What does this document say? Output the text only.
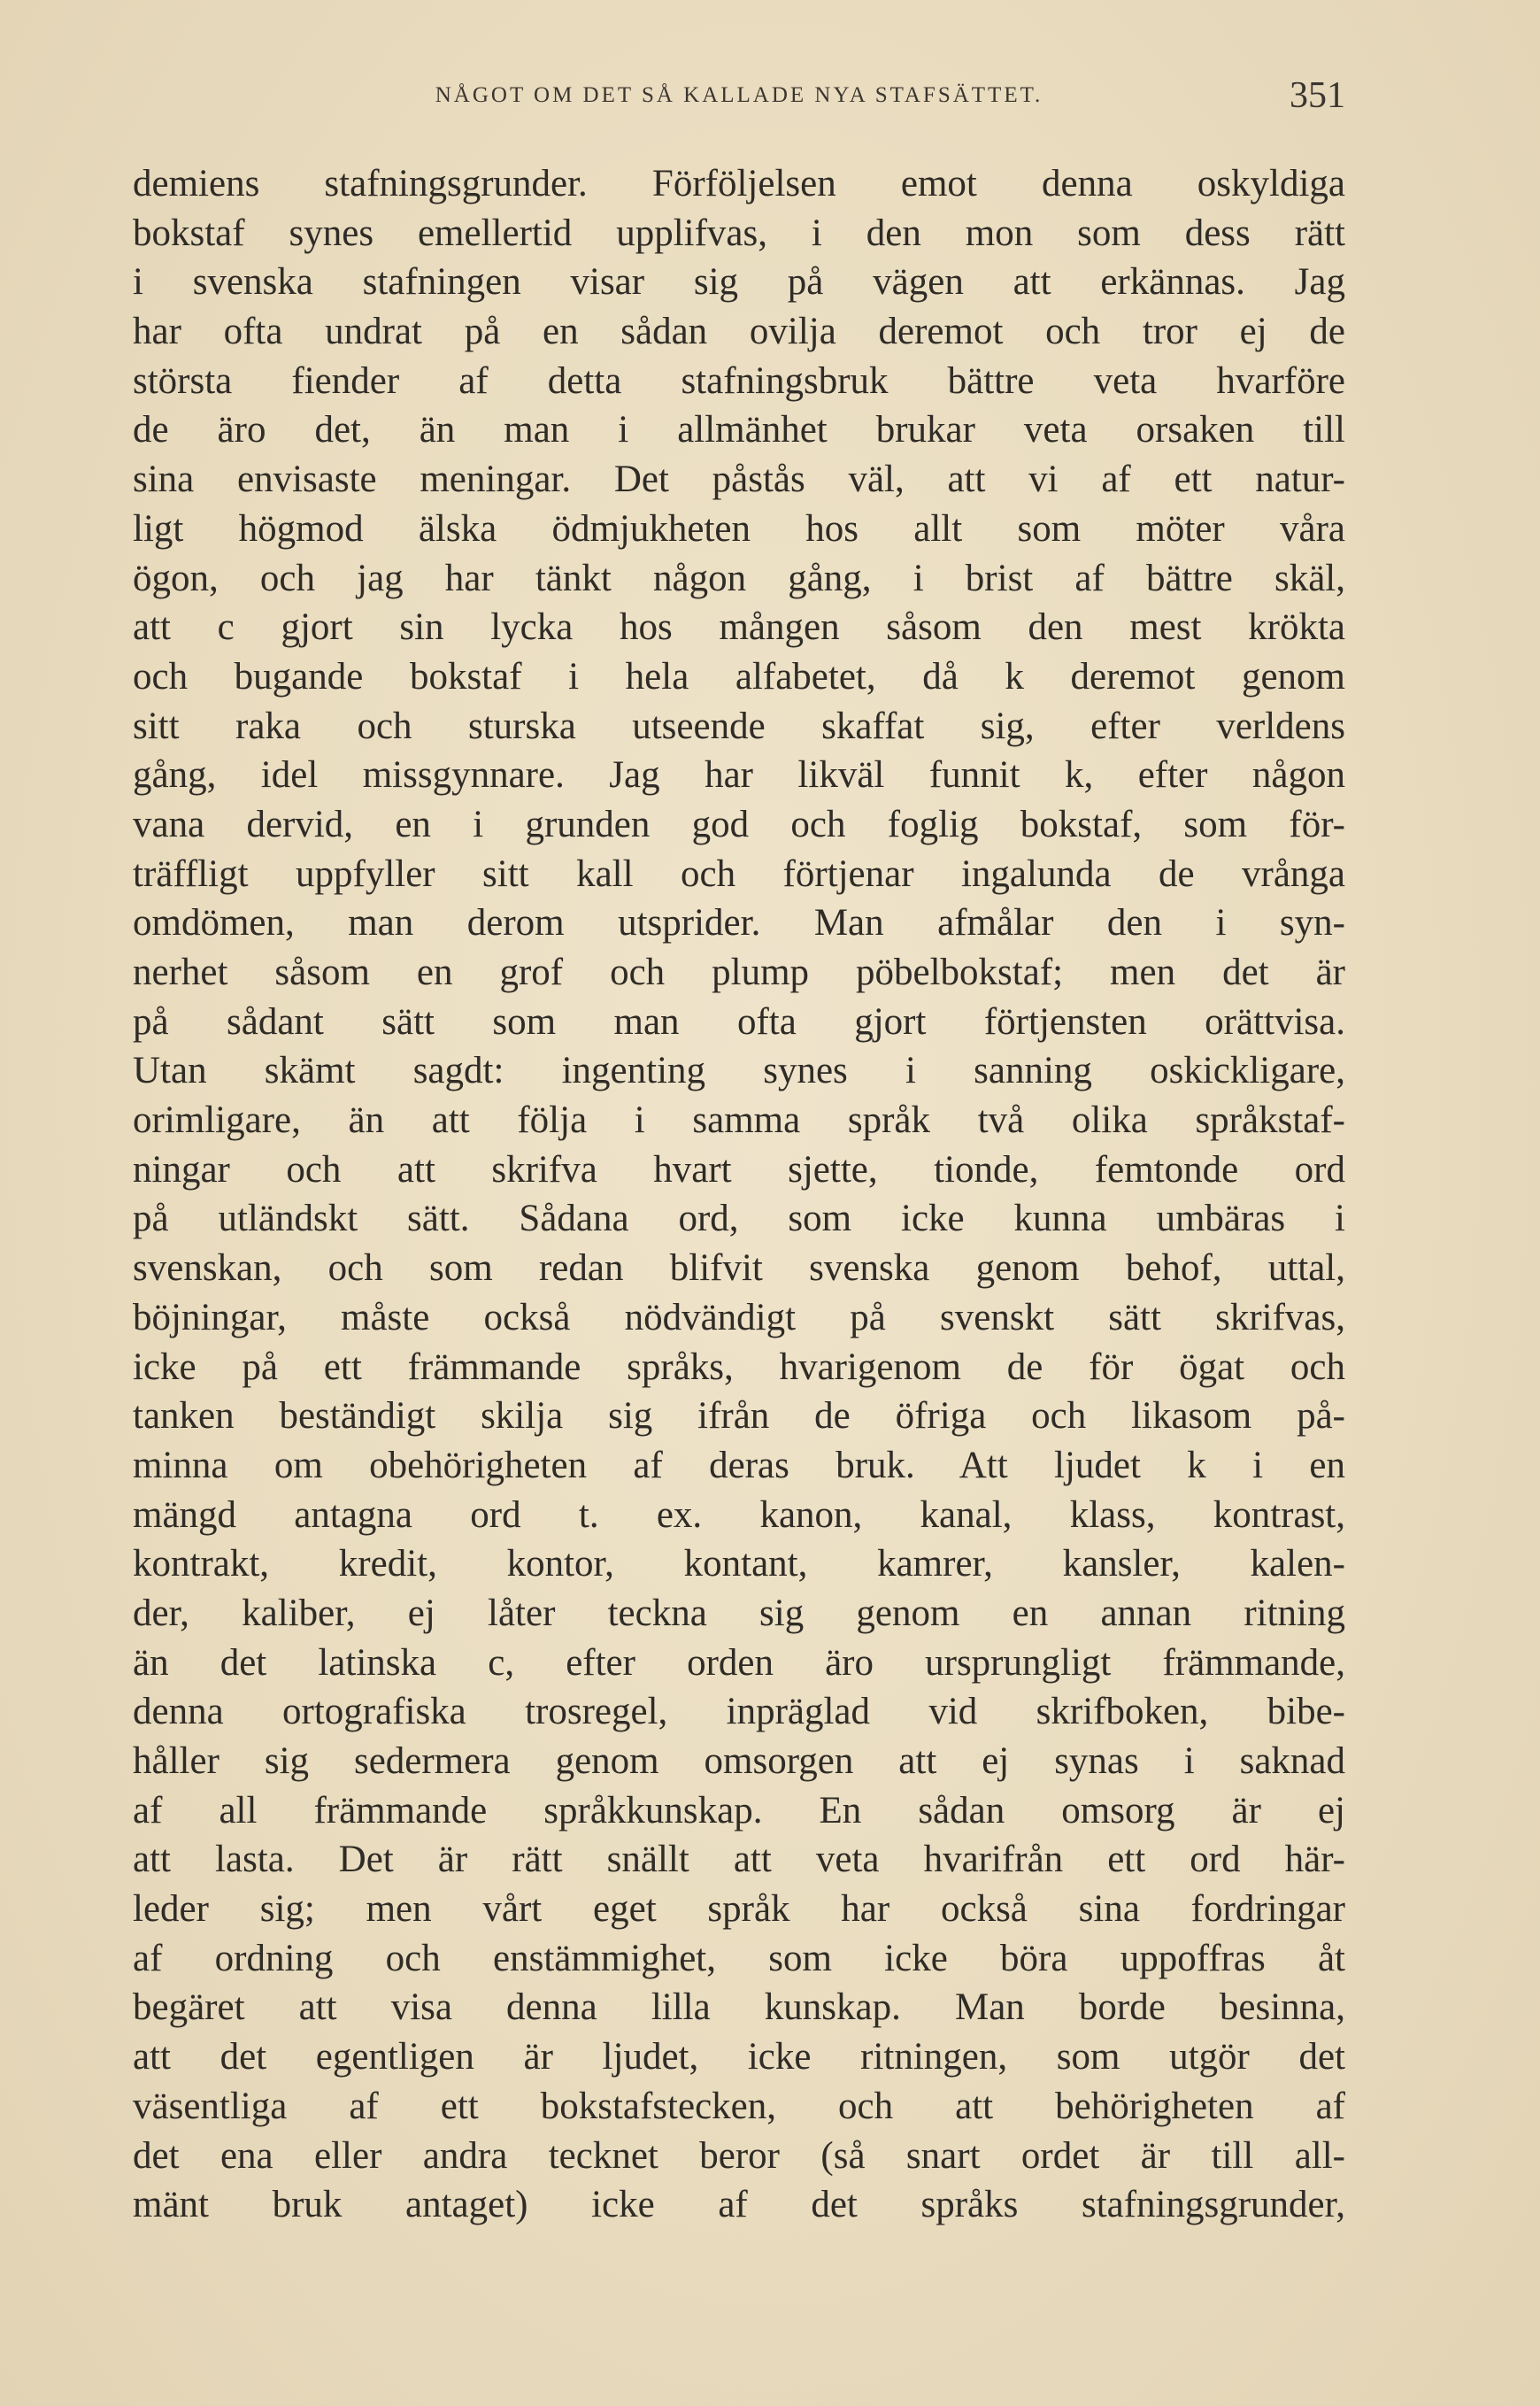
NÅGOT OM DET SÅ KALLADE NYA STAFSÄTTET.	351
demiens stafningsgrunder. Förföljelsen emot denna oskyldiga
bokstaf synes emellertid upplifvas, i den mon som dess rätt
i svenska stafningen visar sig på vägen att erkännas. Jag
har ofta undrat på en sådan ovilja deremot och tror ej de
största fiender af detta stafningsbruk bättre veta hvarföre
de äro det, än man i allmänhet brukar veta orsaken till
sina envisaste meningar. Det påstås väl, att vi af ett natur-
ligt högmod älska ödmjukheten hos allt som möter våra
ögon, och jag har tänkt någon gång, i brist af bättre skäl,
att c gjort sin lycka hos mången såsom den mest krökta
och bugande bokstaf i hela alfabetet, då k deremot genom
sitt raka och sturska utseende skaffat sig, efter verldens
gång, idel missgynnare. Jag har likväl funnit k, efter någon
vana dervid, en i grunden god och foglig bokstaf, som för-
träffligt uppfyller sitt kall och förtjenar ingalunda de vrånga
omdömen, man derom utsprider. Man afmålar den i syn-
nerhet såsom en grof och plump pöbelbokstaf; men det är
på sådant sätt som man ofta gjort förtjensten orättvisa.
Utan skämt sagdt: ingenting synes i sanning oskickligare,
orimligare, än att följa i samma språk två olika språkstaf-
ningar och att skrifva hvart sjette, tionde, femtonde ord
på utländskt sätt. Sådana ord, som icke kunna umbäras i
svenskan, och som redan blifvit svenska genom behof, uttal,
böjningar, måste också nödvändigt på svenskt sätt skrifvas,
icke på ett främmande språks, hvarigenom de för ögat och
tanken beständigt skilja sig ifrån de öfriga och likasom på-
minna om obehörigheten af deras bruk. Att ljudet k i en
mängd antagna ord t. ex. kanon, kanal, klass, kontrast,
kontrakt, kredit, kontor, kontant, kamrer, kansler, kalen-
der, kaliber, ej låter teckna sig genom en annan ritning
än det latinska c, efter orden äro ursprungligt främmande,
denna ortografiska trosregel, inpräglad vid skrifboken, bibe-
håller sig sedermera genom omsorgen att ej synas i saknad
af all främmande språkkunskap. En sådan omsorg är ej
att lasta. Det är rätt snällt att veta hvarifrån ett ord här-
leder sig; men vårt eget språk har också sina fordringar
af ordning och enstämmighet, som icke böra uppoffras åt
begäret att visa denna lilla kunskap. Man borde besinna,
att det egentligen är ljudet, icke ritningen, som utgör det
väsentliga af ett bokstafstecken, och att behörigheten af
det ena eller andra tecknet beror (så snart ordet är till all-
mänt bruk antaget) icke af det språks stafningsgrunder,
